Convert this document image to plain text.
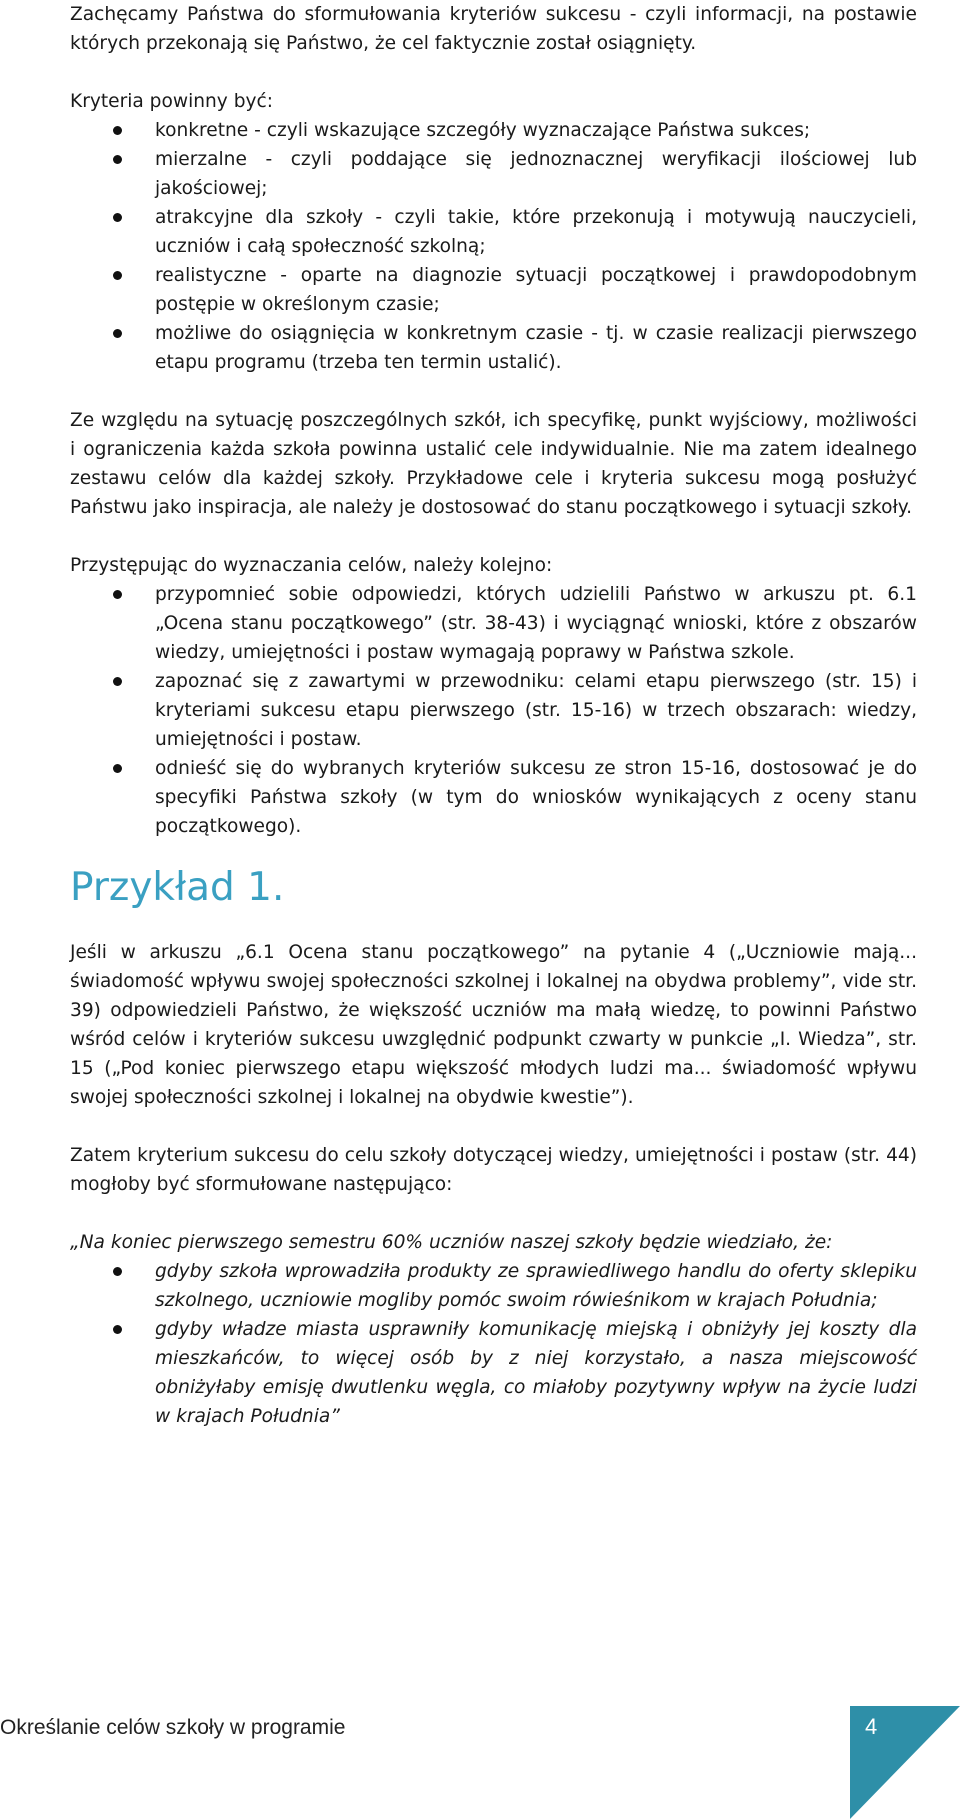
Zachęcamy Państwa do sformułowania kryteriów sukcesu - czyli informacji, na postawie których przekonają się Państwo, że cel faktycznie został osiągnięty.

Kryteria powinny być:

konkretne - czyli wskazujące szczegóły wyznaczające Państwa sukces;
mierzalne - czyli poddające się jednoznacznej weryfikacji ilościowej lub jakościowej;
atrakcyjne dla szkoły - czyli takie, które przekonują i motywują nauczycieli, uczniów i całą społeczność szkolną;
realistyczne - oparte na diagnozie sytuacji początkowej i prawdopodobnym postępie w określonym czasie;
możliwe do osiągnięcia w konkretnym czasie - tj. w czasie realizacji pierwszego etapu programu (trzeba ten termin ustalić).

Ze względu na sytuację poszczególnych szkół, ich specyfikę, punkt wyjściowy, możliwości i ograniczenia każda szkoła powinna ustalić cele indywidualnie. Nie ma zatem idealnego zestawu celów dla każdej szkoły. Przykładowe cele i kryteria sukcesu mogą posłużyć Państwu jako inspiracja, ale należy je dostosować do stanu początkowego i sytuacji szkoły.

Przystępując do wyznaczania celów, należy kolejno:

przypomnieć sobie odpowiedzi, których udzielili Państwo w arkuszu pt. 6.1 „Ocena stanu początkowego” (str. 38-43) i wyciągnąć wnioski, które z obszarów wiedzy, umiejętności i postaw wymagają poprawy w Państwa szkole.
zapoznać się z zawartymi w przewodniku: celami etapu pierwszego (str. 15) i kryteriami sukcesu etapu pierwszego (str. 15-16) w trzech obszarach: wiedzy, umiejętności i postaw.
odnieść się do wybranych kryteriów sukcesu ze stron 15-16, dostosować je do specyfiki Państwa szkoły (w tym do wniosków wynikających z oceny stanu początkowego).
Przykład 1.

Jeśli w arkuszu „6.1 Ocena stanu początkowego” na pytanie 4 („Uczniowie mają... świadomość wpływu swojej społeczności szkolnej i lokalnej na obydwa problemy”, vide str. 39) odpowiedzieli Państwo, że większość uczniów ma małą wiedzę, to powinni Państwo wśród celów i kryteriów sukcesu uwzględnić podpunkt czwarty w punkcie „I. Wiedza”, str. 15 („Pod koniec pierwszego etapu większość młodych ludzi ma... świadomość wpływu swojej społeczności szkolnej i lokalnej na obydwie kwestie”).

Zatem kryterium sukcesu do celu szkoły dotyczącej wiedzy, umiejętności i postaw (str. 44) mogłoby być sformułowane następująco:

„Na koniec pierwszego semestru 60% uczniów naszej szkoły będzie wiedziało, że:

gdyby szkoła wprowadziła produkty ze sprawiedliwego handlu do oferty sklepiku szkolnego, uczniowie mogliby pomóc swoim rówieśnikom w krajach Południa;
gdyby władze miasta usprawniły komunikację miejską i obniżyły jej koszty dla mieszkańców, to więcej osób by z niej korzystało, a nasza miejscowość obniżyłaby emisję dwutlenku węgla, co miałoby pozytywny wpływ na życie ludzi w krajach Południa”
Określanie celów szkoły w programie	4
